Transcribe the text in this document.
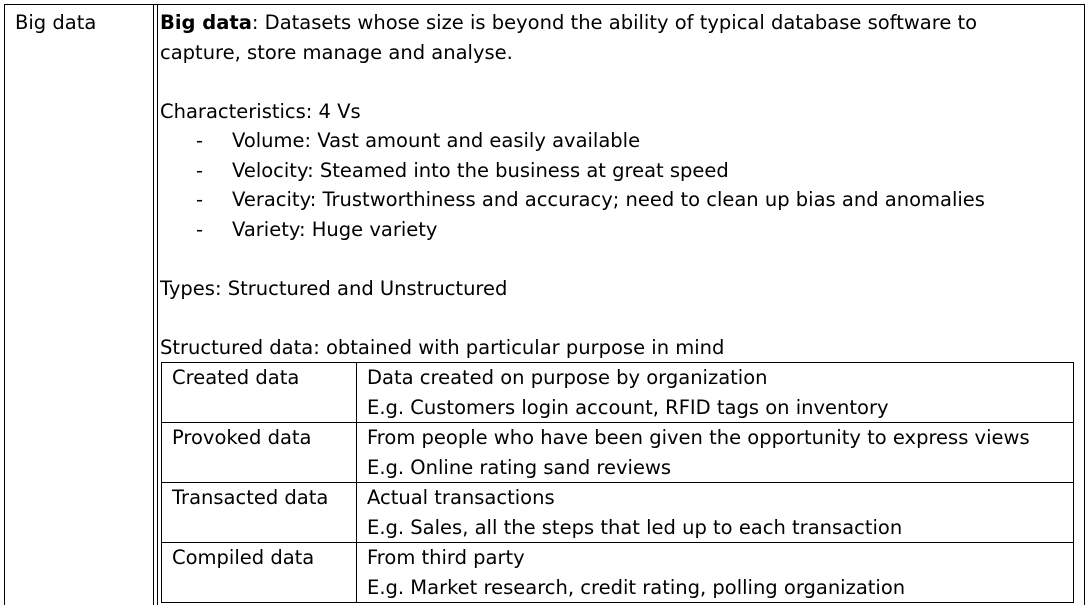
Big data	Big data: Datasets whose size is beyond the ability of typical database software to
capture, store manage and analyse.
Characteristics: 4 Vs
- Volume: Vast amount and easily available
- Velocity: Steamed into the business at great speed
- Veracity: Trustworthiness and accuracy; need to clean up bias and anomalies
- Variety: Huge variety
Types: Structured and Unstructured
Structured data: obtained with particular purpose in mind
Created data	Data created on purpose by organization
E.g. Customers login account, RFID tags on inventory

Provoked data	From people who have been given the opportunity to express views
E.g. Online rating sand reviews

Transacted data	Actual transactions
E.g. Sales, all the steps that led up to each transaction

Compiled data	From third party
E.g. Market research, credit rating, polling organization
